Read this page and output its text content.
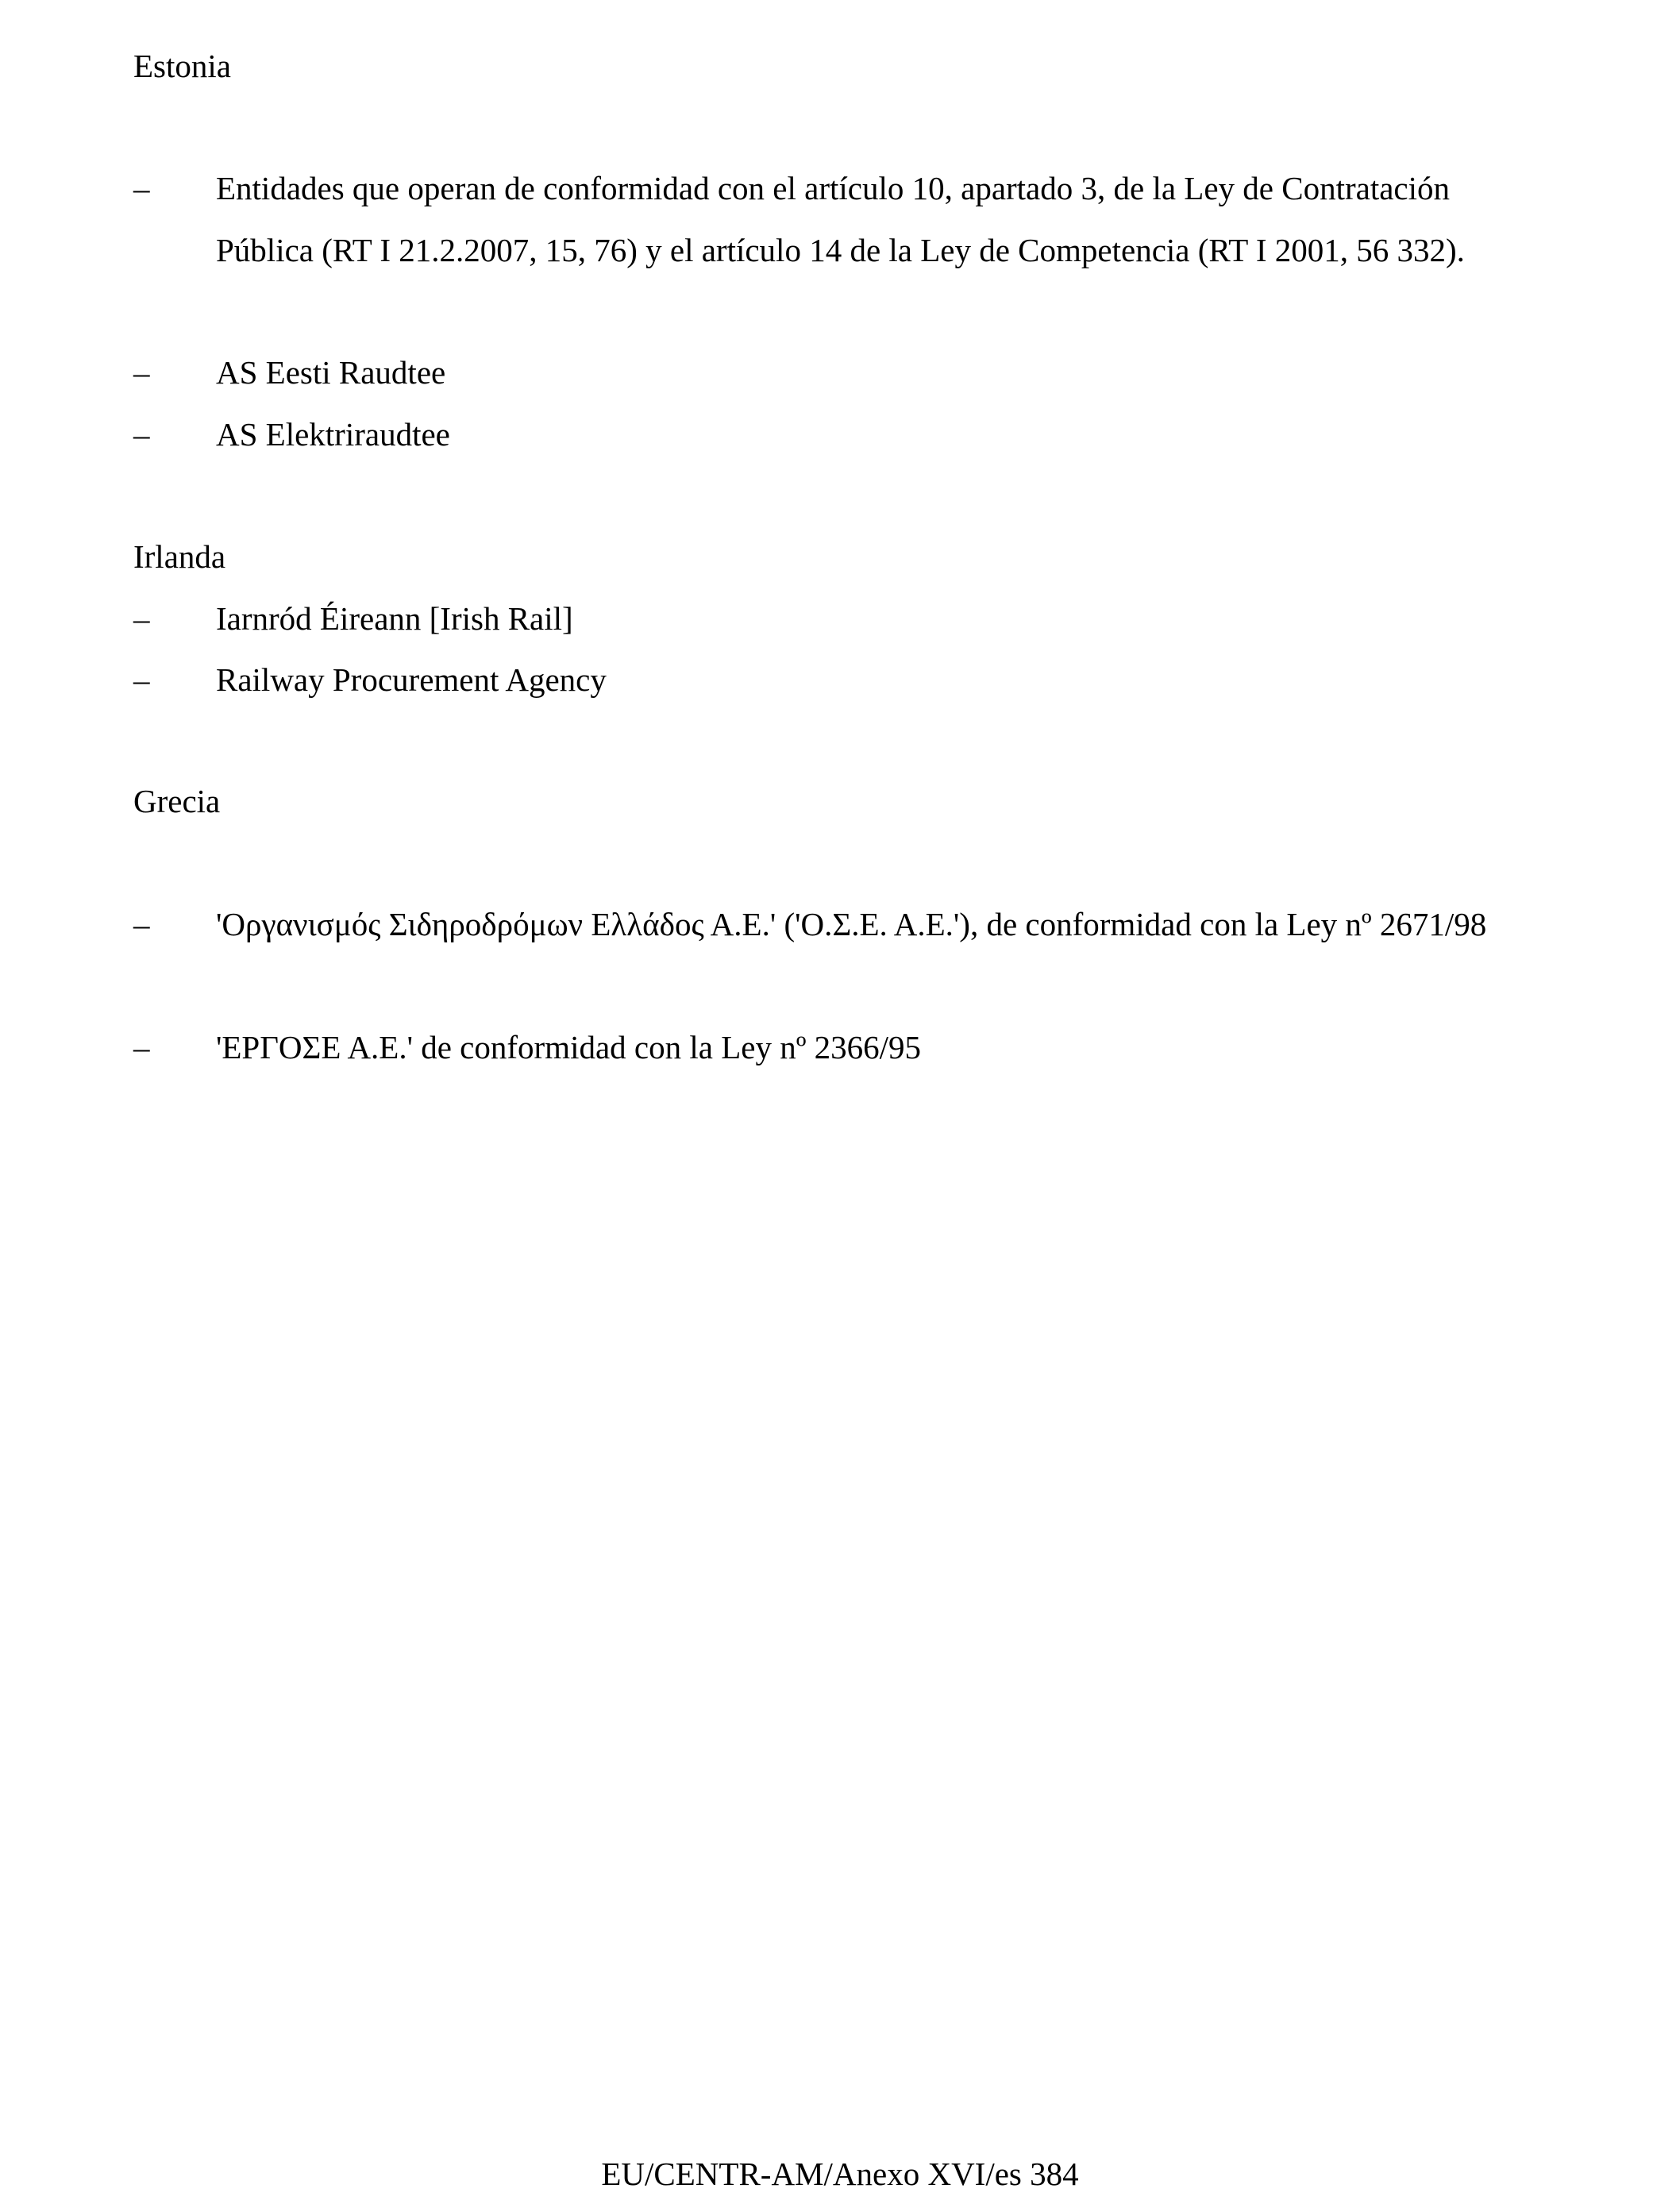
Estonia
– Entidades que operan de conformidad con el artículo 10, apartado 3, de la Ley de Contratación Pública (RT I 21.2.2007, 15, 76) y el artículo 14 de la Ley de Competencia (RT I 2001, 56 332).
– AS Eesti Raudtee
– AS Elektriraudtee
Irlanda
– Iarnród Éireann [Irish Rail]
– Railway Procurement Agency
Grecia
–	'Οργανισμός Σιδηροδρόμων Ελλάδος Α.Ε.' ('Ο.Σ.Ε. Α.Ε.'), de conformidad con la Ley nº 2671/98
– 'ΕΡΓΟΣΕ Α.Ε.' de conformidad con la Ley nº 2366/95
EU/CENTR-AM/Anexo XVI/es 384
